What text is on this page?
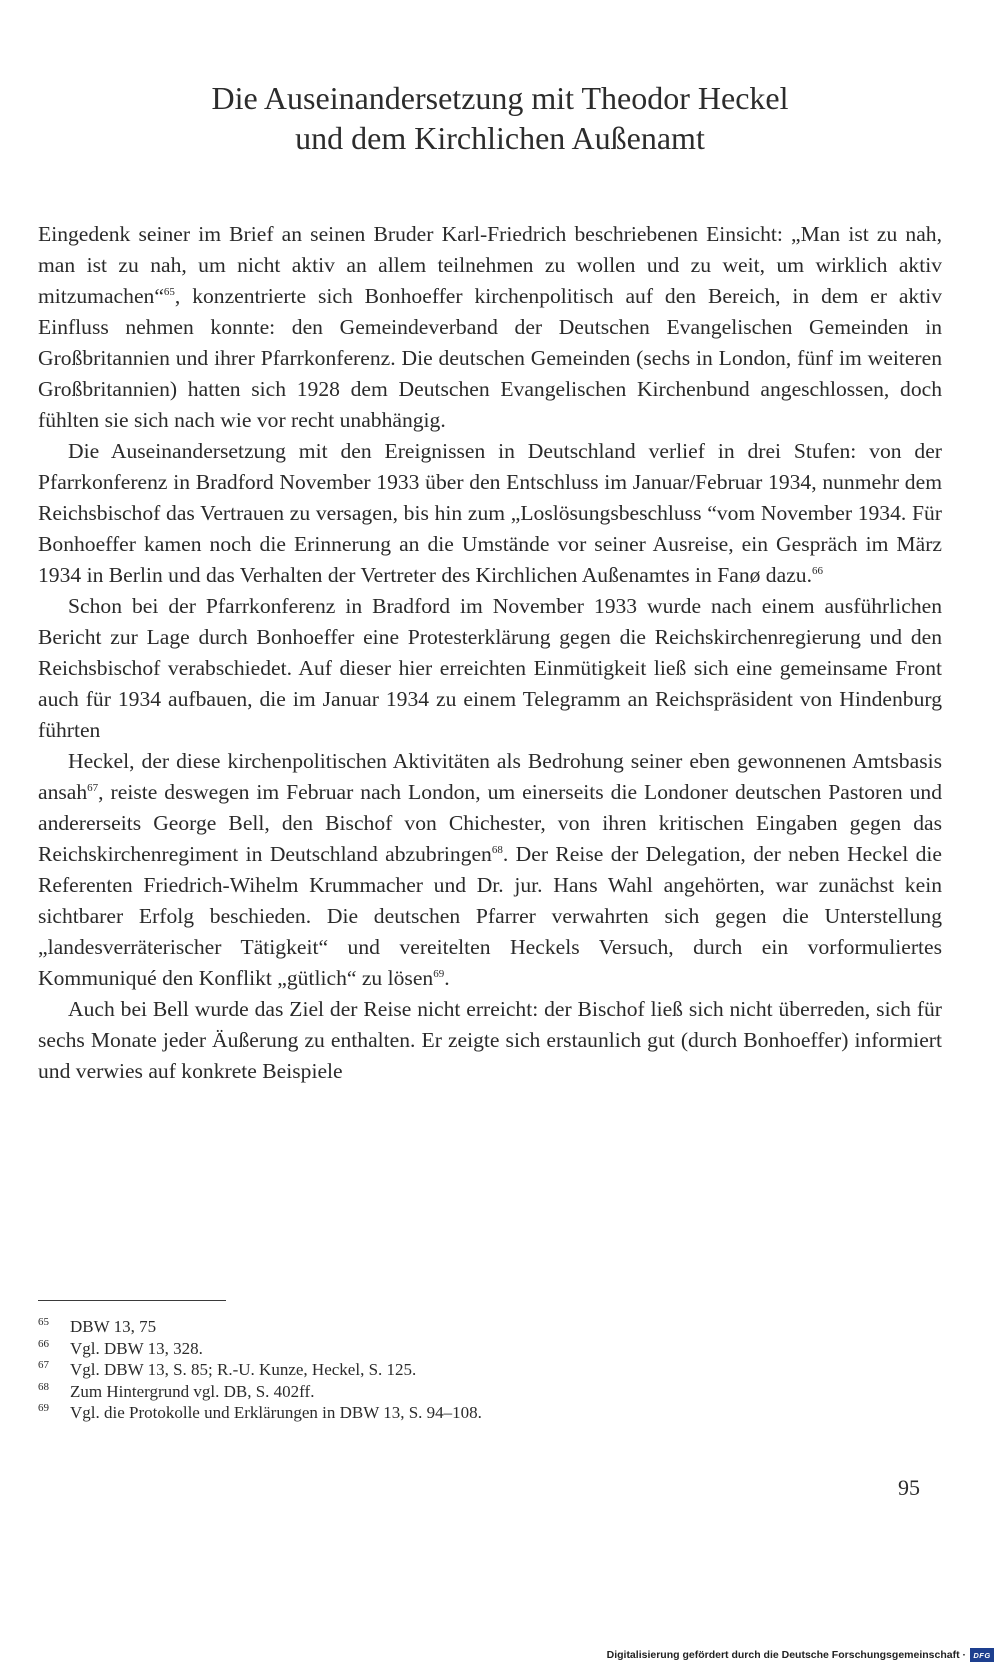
Die Auseinandersetzung mit Theodor Heckel
und dem Kirchlichen Außenamt

Eingedenk seiner im Brief an seinen Bruder Karl-Friedrich beschriebenen Einsicht: „Man ist zu nah, man ist zu nah, um nicht aktiv an allem teilnehmen zu wollen und zu weit, um wirklich aktiv mitzumachen“$^{65}$, konzentrierte sich Bonhoeffer kirchenpolitisch auf den Bereich, in dem er aktiv Einfluss nehmen konnte: den Gemeindeverband der Deutschen Evangelischen Gemeinden in Großbritannien und ihrer Pfarrkonferenz. Die deutschen Gemeinden (sechs in London, fünf im weiteren Großbritannien) hatten sich 1928 dem Deutschen Evangelischen Kirchenbund angeschlossen, doch fühlten sie sich nach wie vor recht unabhängig.

Die Auseinandersetzung mit den Ereignissen in Deutschland verlief in drei Stufen: von der Pfarrkonferenz in Bradford November 1933 über den Entschluss im Januar/Februar 1934, nunmehr dem Reichsbischof das Vertrauen zu versagen, bis hin zum „Loslösungsbeschluss “vom November 1934. Für Bonhoeffer kamen noch die Erinnerung an die Umstände vor seiner Ausreise, ein Gespräch im März 1934 in Berlin und das Verhalten der Vertreter des Kirchlichen Außenamtes in Fanø dazu.$^{66}$

Schon bei der Pfarrkonferenz in Bradford im November 1933 wurde nach einem ausführlichen Bericht zur Lage durch Bonhoeffer eine Protesterklärung gegen die Reichskirchenregierung und den Reichsbischof verabschiedet. Auf dieser hier erreichten Einmütigkeit ließ sich eine gemeinsame Front auch für 1934 aufbauen, die im Januar 1934 zu einem Telegramm an Reichspräsident von Hindenburg führten

Heckel, der diese kirchenpolitischen Aktivitäten als Bedrohung seiner eben gewonnenen Amtsbasis ansah$^{67}$, reiste deswegen im Februar nach London, um einerseits die Londoner deutschen Pastoren und andererseits George Bell, den Bischof von Chichester, von ihren kritischen Eingaben gegen das Reichskirchenregiment in Deutschland abzubringen$^{68}$. Der Reise der Delegation, der neben Heckel die Referenten Friedrich-Wihelm Krummacher und Dr. jur. Hans Wahl angehörten, war zunächst kein sichtbarer Erfolg beschieden. Die deutschen Pfarrer verwahrten sich gegen die Unterstellung „landesverräterischer Tätigkeit“ und vereitelten Heckels Versuch, durch ein vorformuliertes Kommuniqué den Konflikt „gütlich“ zu lösen$^{69}$.

Auch bei Bell wurde das Ziel der Reise nicht erreicht: der Bischof ließ sich nicht überreden, sich für sechs Monate jeder Äußerung zu enthalten. Er zeigte sich erstaunlich gut (durch Bonhoeffer) informiert und verwies auf konkrete Beispiele

65	DBW 13, 75
66	Vgl. DBW 13, 328.
67	Vgl. DBW 13, S. 85; R.-U. Kunze, Heckel, S. 125.
68	Zum Hintergrund vgl. DB, S. 402ff.
69	Vgl. die Protokolle und Erklärungen in DBW 13, S. 94–108.
95
Digitalisierung gefördert durch die Deutsche Forschungsgemeinschaft · DFG
